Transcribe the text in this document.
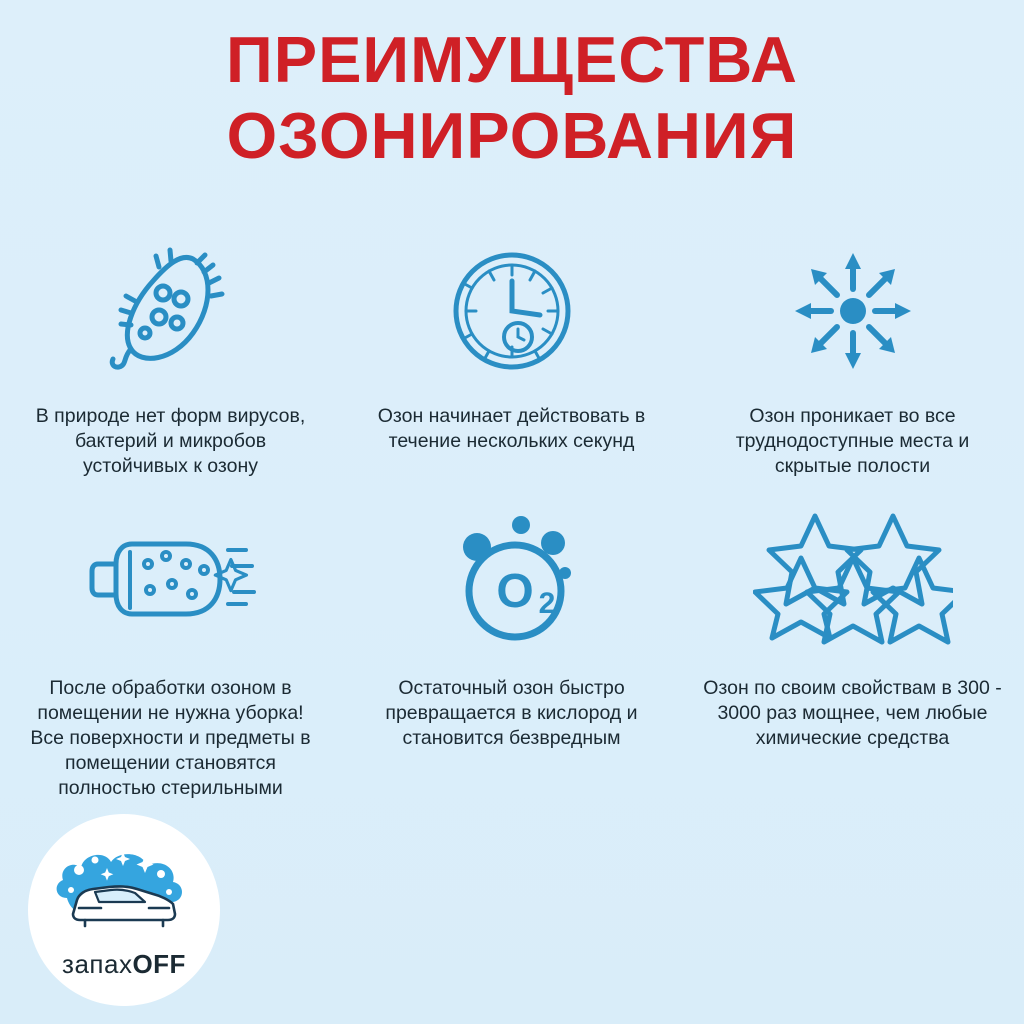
ПРЕИМУЩЕСТВА
ОЗОНИРОВАНИЯ
В природе нет форм вирусов, бактерий и микробов устойчивых к озону
Озон начинает действовать в течение нескольких секунд
Озон проникает во все труднодоступные места и скрытые полости
После обработки озоном в помещении не нужна уборка! Все поверхности и предметы в помещении становятся полностью стерильными
O 2
Остаточный озон быстро превращается в кислород и становится безвредным
Озон по своим свойствам в 300 - 3000 раз мощнее, чем любые химические средства
запахOFF
